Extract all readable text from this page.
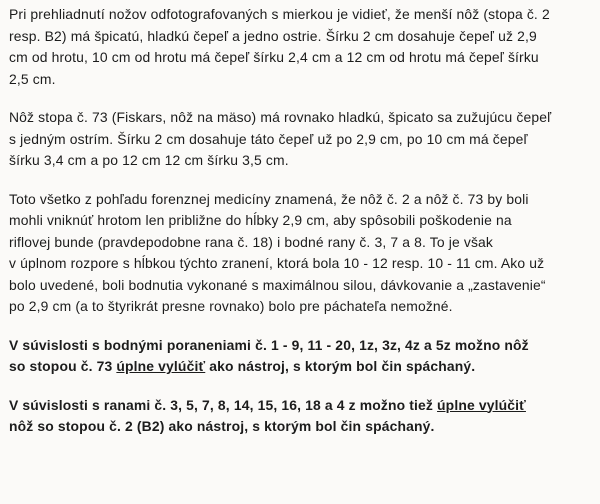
Pri prehliadnutí nožov odfotografovaných s mierkou je vidieť, že menší nôž (stopa č. 2
resp. B2) má špicatú, hladkú čepeľ a jedno ostrie. Šírku 2 cm dosahuje čepeľ už 2,9
cm od hrotu, 10 cm od hrotu má čepeľ šírku 2,4 cm a 12 cm od hrotu má čepeľ šírku
2,5 cm.

Nôž stopa č. 73 (Fiskars, nôž na mäso) má rovnako hladkú, špicato sa zužujúcu čepeľ
s jedným ostrím. Šírku 2 cm dosahuje táto čepeľ už po 2,9 cm, po 10 cm má čepeľ
šírku 3,4 cm a po 12 cm 12 cm šírku 3,5 cm.

Toto všetko z pohľadu forenznej medicíny znamená, že nôž č. 2 a nôž č. 73 by boli
mohli vniknúť hrotom len približne do hĺbky 2,9 cm, aby spôsobili poškodenie na
riflovej bunde (pravdepodobne rana č. 18) i bodné rany č. 3, 7 a 8. To je však
v úplnom rozpore s hĺbkou týchto zranení, ktorá bola 10 - 12 resp. 10 - 11 cm. Ako už
bolo uvedené, boli bodnutia vykonané s maximálnou silou, dávkovanie a „zastavenie“
po 2,9 cm (a to štyrikrát presne rovnako) bolo pre páchateľa nemožné.

V súvislosti s bodnými poraneniami č. 1 - 9, 11 - 20, 1z, 3z, 4z a 5z možno nôž
so stopou č. 73 úplne vylúčiť ako nástroj, s ktorým bol čin spáchaný.

V súvislosti s ranami č. 3, 5, 7, 8, 14, 15, 16, 18 a 4 z možno tiež úplne vylúčiť
nôž so stopou č. 2 (B2) ako nástroj, s ktorým bol čin spáchaný.
